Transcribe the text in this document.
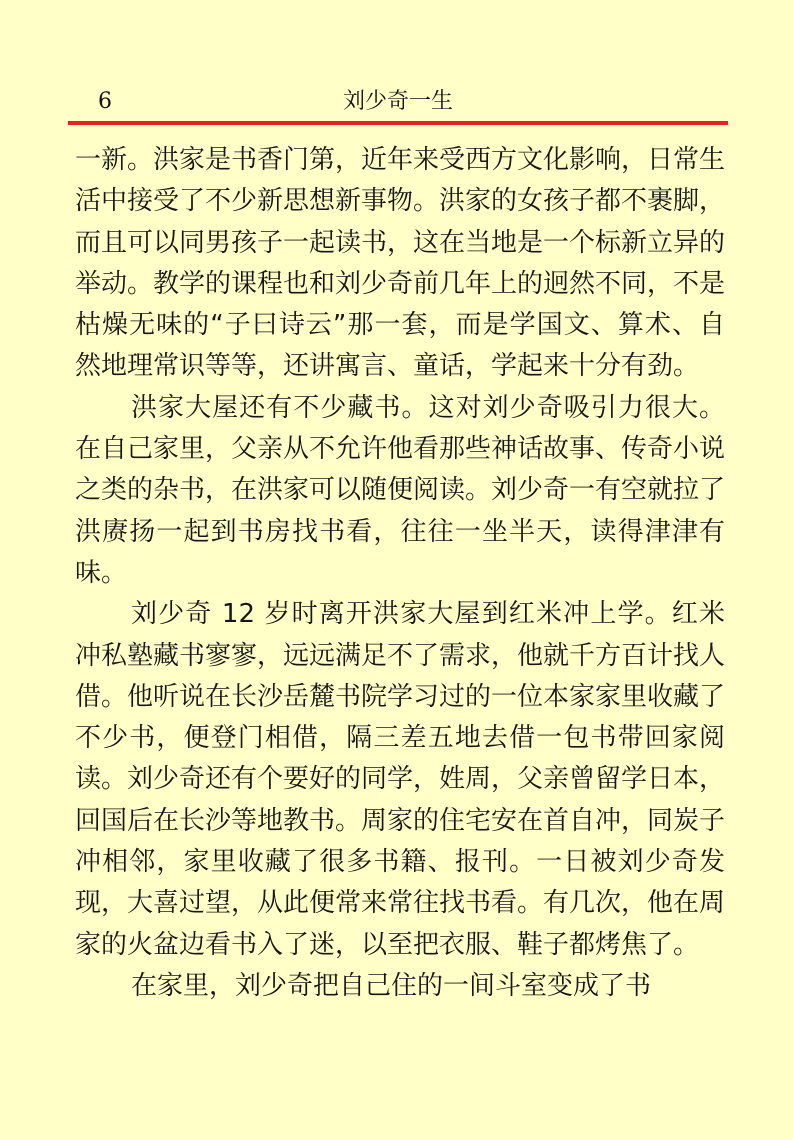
6	刘少奇一生

一新。洪家是书香门第，近年来受西方文化影响，日常生活中接受了不少新思想新事物。洪家的女孩子都不裹脚，而且可以同男孩子一起读书，这在当地是一个标新立异的举动。教学的课程也和刘少奇前几年上的迥然不同，不是枯燥无味的“子曰诗云”那一套，而是学国文、算术、自然地理常识等等，还讲寓言、童话，学起来十分有劲。

洪家大屋还有不少藏书。这对刘少奇吸引力很大。在自己家里，父亲从不允许他看那些神话故事、传奇小说之类的杂书，在洪家可以随便阅读。刘少奇一有空就拉了洪赓扬一起到书房找书看，往往一坐半天，读得津津有味。

刘少奇 12 岁时离开洪家大屋到红米冲上学。红米冲私塾藏书寥寥，远远满足不了需求，他就千方百计找人借。他听说在长沙岳麓书院学习过的一位本家家里收藏了不少书，便登门相借，隔三差五地去借一包书带回家阅读。刘少奇还有个要好的同学，姓周，父亲曾留学日本，回国后在长沙等地教书。周家的住宅安在首自冲，同炭子冲相邻，家里收藏了很多书籍、报刊。一日被刘少奇发现，大喜过望，从此便常来常往找书看。有几次，他在周家的火盆边看书入了迷，以至把衣服、鞋子都烤焦了。

在家里，刘少奇把自己住的一间斗室变成了书
